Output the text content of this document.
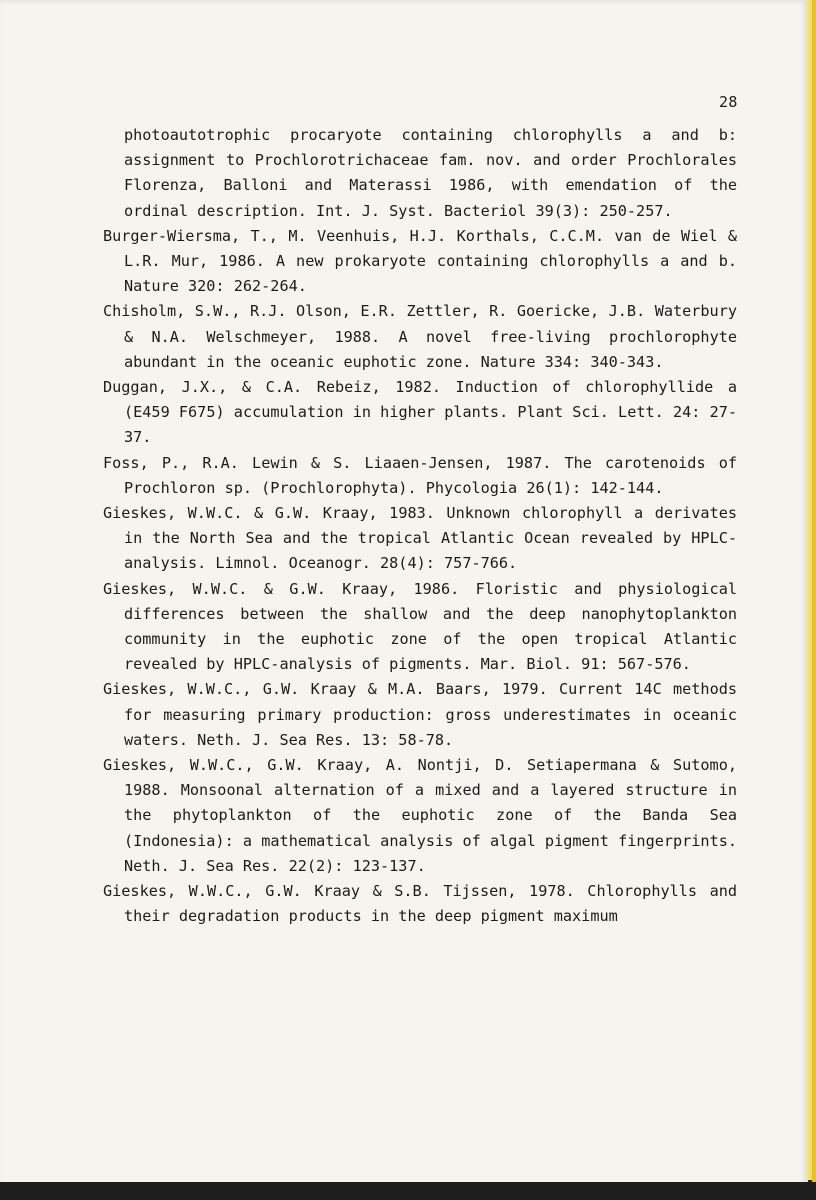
28

photoautotrophic procaryote containing chlorophylls a and b: assignment to Prochlorotrichaceae fam. nov. and order Prochlorales Florenza, Balloni and Materassi 1986, with emendation of the ordinal description. Int. J. Syst. Bacteriol 39(3): 250-257.

Burger-Wiersma, T., M. Veenhuis, H.J. Korthals, C.C.M. van de Wiel & L.R. Mur, 1986. A new prokaryote containing chlorophylls a and b. Nature 320: 262-264.

Chisholm, S.W., R.J. Olson, E.R. Zettler, R. Goericke, J.B. Waterbury & N.A. Welschmeyer, 1988. A novel free-living prochlorophyte abundant in the oceanic euphotic zone. Nature 334: 340-343.

Duggan, J.X., & C.A. Rebeiz, 1982. Induction of chlorophyllide a (E459 F675) accumulation in higher plants. Plant Sci. Lett. 24: 27-37.

Foss, P., R.A. Lewin & S. Liaaen-Jensen, 1987. The carotenoids of Prochloron sp. (Prochlorophyta). Phycologia 26(1): 142-144.

Gieskes, W.W.C. & G.W. Kraay, 1983. Unknown chlorophyll a derivates in the North Sea and the tropical Atlantic Ocean revealed by HPLC-analysis. Limnol. Oceanogr. 28(4): 757-766.

Gieskes, W.W.C. & G.W. Kraay, 1986. Floristic and physiological differences between the shallow and the deep nanophytoplankton community in the euphotic zone of the open tropical Atlantic revealed by HPLC-analysis of pigments. Mar. Biol. 91: 567-576.

Gieskes, W.W.C., G.W. Kraay & M.A. Baars, 1979. Current 14C methods for measuring primary production: gross underestimates in oceanic waters. Neth. J. Sea Res. 13: 58-78.

Gieskes, W.W.C., G.W. Kraay, A. Nontji, D. Setiapermana & Sutomo, 1988. Monsoonal alternation of a mixed and a layered structure in the phytoplankton of the euphotic zone of the Banda Sea (Indonesia): a mathematical analysis of algal pigment fingerprints. Neth. J. Sea Res. 22(2): 123-137.

Gieskes, W.W.C., G.W. Kraay & S.B. Tijssen, 1978. Chlorophylls and their degradation products in the deep pigment maximum
